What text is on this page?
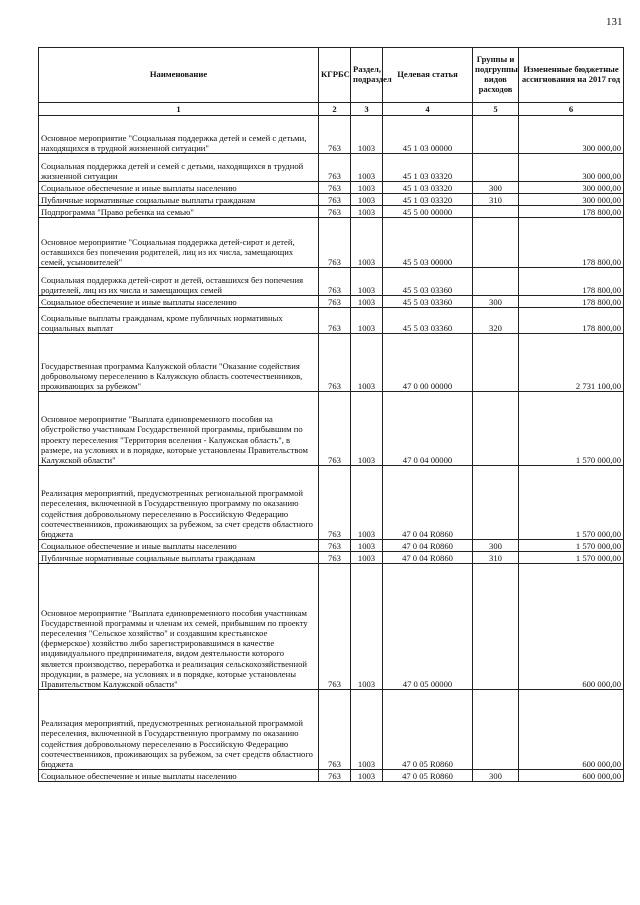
131
Наименование	КГРБС	Раздел, подраздел	Целевая статья	Группы и подгруппы видов расходов	Измененные бюджетные ассигнования на 2017 год
1	2	3	4	5	6
Основное мероприятие "Социальная поддержка детей и семей с детьми, находящихся в трудной жизненной ситуации"	763	1003	45 1 03 00000		300 000,00
Социальная поддержка детей и семей с детьми, находящихся в трудной жизненной ситуации	763	1003	45 1 03 03320		300 000,00
Социальное обеспечение и иные выплаты населению	763	1003	45 1 03 03320	300	300 000,00
Публичные нормативные социальные выплаты гражданам	763	1003	45 1 03 03320	310	300 000,00
Подпрограмма "Право ребенка на семью"	763	1003	45 5 00 00000		178 800,00
Основное мероприятие "Социальная поддержка детей-сирот и детей, оставшихся без попечения родителей, лиц из их числа, замещающих семей, усыновителей"	763	1003	45 5 03 00000		178 800,00
Социальная поддержка детей-сирот и детей, оставшихся без попечения родителей, лиц из их числа и замещающих семей	763	1003	45 5 03 03360		178 800,00
Социальное обеспечение и иные выплаты населению	763	1003	45 5 03 03360	300	178 800,00
Социальные выплаты гражданам, кроме публичных нормативных социальных выплат	763	1003	45 5 03 03360	320	178 800,00
Государственная программа Калужской области "Оказание содействия добровольному переселению в Калужскую область соотечественников, проживающих за рубежом"	763	1003	47 0 00 00000		2 731 100,00
Основное мероприятие "Выплата единовременного пособия на обустройство участникам Государственной программы, прибывшим по проекту переселения "Территория вселения - Калужская область", в размере, на условиях и в порядке, которые установлены Правительством Калужской области"	763	1003	47 0 04 00000		1 570 000,00
Реализация мероприятий, предусмотренных региональной программой переселения, включенной в Государственную программу по оказанию содействия добровольному переселению в Российскую Федерацию соотечественников, проживающих за рубежом, за счет средств областного бюджета	763	1003	47 0 04 R0860		1 570 000,00
Социальное обеспечение и иные выплаты населению	763	1003	47 0 04 R0860	300	1 570 000,00
Публичные нормативные социальные выплаты гражданам	763	1003	47 0 04 R0860	310	1 570 000,00
Основное мероприятие "Выплата единовременного пособия участникам Государственной программы и членам их семей, прибывшим по проекту переселения "Сельское хозяйство" и создавшим крестьянское (фермерское) хозяйство либо зарегистрировавшимся в качестве индивидуального предпринимателя, видом деятельности которого является производство, переработка и реализация сельскохозяйственной продукции, в размере, на условиях и в порядке, которые установлены Правительством Калужской области"	763	1003	47 0 05 00000		600 000,00
Реализация мероприятий, предусмотренных региональной программой переселения, включенной в Государственную программу по оказанию содействия добровольному переселению в Российскую Федерацию соотечественников, проживающих за рубежом, за счет средств областного бюджета	763	1003	47 0 05 R0860		600 000,00
Социальное обеспечение и иные выплаты населению	763	1003	47 0 05 R0860	300	600 000,00
